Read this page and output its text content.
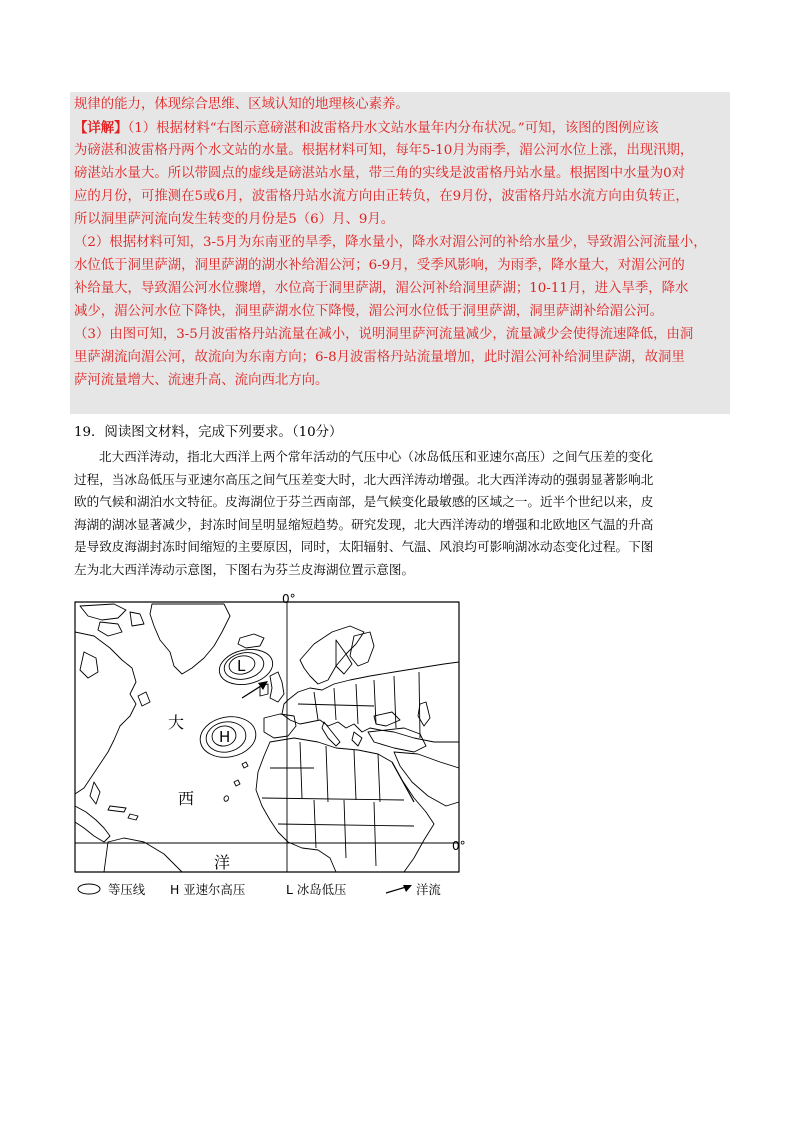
规律的能力，体现综合思维、区域认知的地理核心素养。

【详解】（1）根据材料“右图示意磅湛和波雷格丹水文站水量年内分布状况。”可知，该图的图例应该

为磅湛和波雷格丹两个水文站的水量。根据材料可知，每年5-10月为雨季，湄公河水位上涨，出现汛期，

磅湛站水量大。所以带圆点的虚线是磅湛站水量，带三角的实线是波雷格丹站水量。根据图中水量为0对

应的月份，可推测在5或6月，波雷格丹站水流方向由正转负，在9月份，波雷格丹站水流方向由负转正，

所以洞里萨河流向发生转变的月份是5（6）月、9月。

（2）根据材料可知，3-5月为东南亚的旱季，降水量小，降水对湄公河的补给水量少，导致湄公河流量小，

水位低于洞里萨湖，洞里萨湖的湖水补给湄公河；6-9月，受季风影响，为雨季，降水量大，对湄公河的

补给量大，导致湄公河水位骤增，水位高于洞里萨湖，湄公河补给洞里萨湖；10-11月，进入旱季，降水

减少，湄公河水位下降快，洞里萨湖水位下降慢，湄公河水位低于洞里萨湖，洞里萨湖补给湄公河。

（3）由图可知，3-5月波雷格丹站流量在减小，说明洞里萨河流量减少，流量减少会使得流速降低，由洞

里萨湖流向湄公河，故流向为东南方向；6-8月波雷格丹站流量增加，此时湄公河补给洞里萨湖，故洞里

萨河流量增大、流速升高、流向西北方向。

19．阅读图文材料，完成下列要求。（10分）

北大西洋涛动，指北大西洋上两个常年活动的气压中心（冰岛低压和亚速尔高压）之间气压差的变化

过程，当冰岛低压与亚速尔高压之间气压差变大时，北大西洋涛动增强。北大西洋涛动的强弱显著影响北

欧的气候和湖泊水文特征。皮海湖位于芬兰西南部，是气候变化最敏感的区域之一。近半个世纪以来，皮

海湖的湖冰显著减少，封冻时间呈明显缩短趋势。研究发现，北大西洋涛动的增强和北欧地区气温的升高

是导致皮海湖封冻时间缩短的主要原因，同时，太阳辐射、气温、风浪均可影响湖冰动态变化过程。下图

左为北大西洋涛动示意图，下图右为芬兰皮海湖位置示意图。

L
H
大
西
洋
0°
0°
等压线 H 亚速尔高压	L 冰岛低压	洋流
